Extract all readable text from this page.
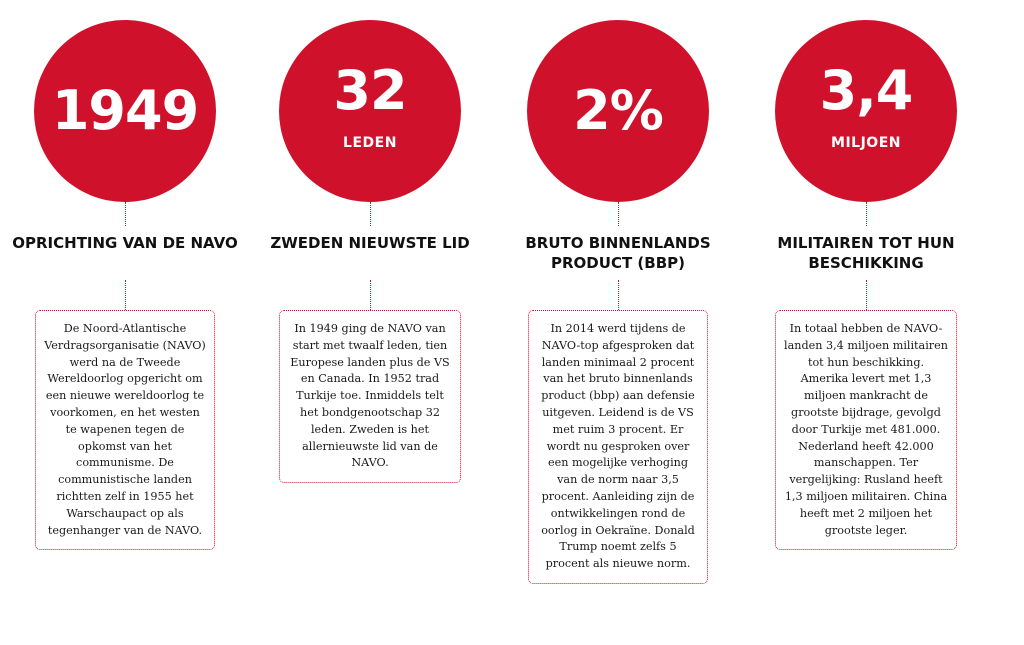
1949
OPRICHTING VAN DE NAVO
De Noord-Atlantische Verdragsorganisatie (NAVO) werd na de Tweede Wereldoorlog opgericht om een nieuwe wereldoorlog te voorkomen, en het westen te wapenen tegen de opkomst van het communisme. De communistische landen richtten zelf in 1955 het Warschaupact op als tegenhanger van de NAVO.
32
LEDEN
ZWEDEN NIEUWSTE LID
In 1949 ging de NAVO van start met twaalf leden, tien Europese landen plus de VS en Canada. In 1952 trad Turkije toe. Inmiddels telt het bondgenootschap 32 leden. Zweden is het allernieuwste lid van de NAVO.
2%
BRUTO BINNENLANDS PRODUCT (BBP)
In 2014 werd tijdens de NAVO-top afgesproken dat landen minimaal 2 procent van het bruto binnenlands product (bbp) aan defensie uitgeven. Leidend is de VS met ruim 3 procent. Er wordt nu gesproken over een mogelijke verhoging van de norm naar 3,5 procent. Aanleiding zijn de ontwikkelingen rond de oorlog in Oekraïne. Donald Trump noemt zelfs 5 procent als nieuwe norm.
3,4
MILJOEN
MILITAIREN TOT HUN BESCHIKKING
In totaal hebben de NAVO-landen 3,4 miljoen militairen tot hun beschikking. Amerika levert met 1,3 miljoen mankracht de grootste bijdrage, gevolgd door Turkije met 481.000. Nederland heeft 42.000 manschappen. Ter vergelijking: Rusland heeft 1,3 miljoen militairen. China heeft met 2 miljoen het grootste leger.
